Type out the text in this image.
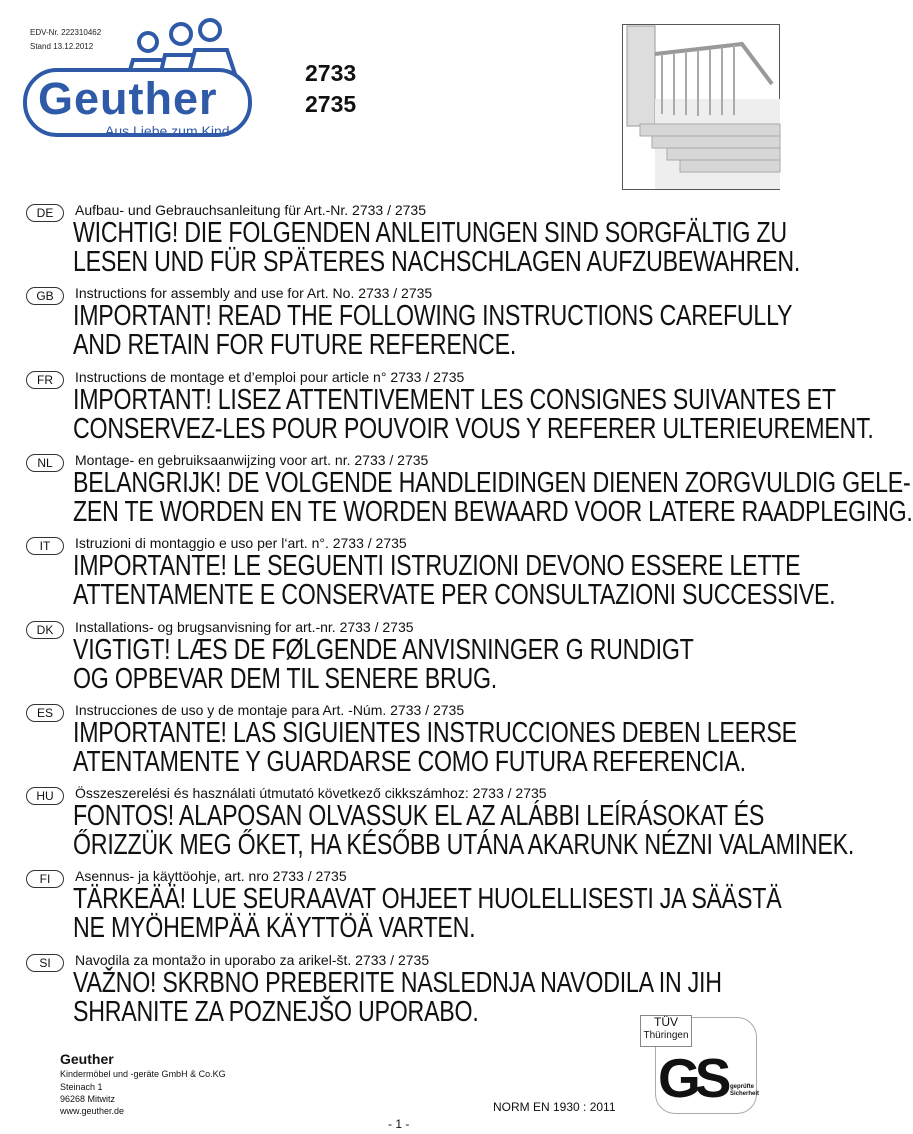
EDV-Nr. 222310462
Stand 13.12.2012
Geuther
Aus Liebe zum Kind
2733
2735
DE	Aufbau- und Gebrauchsanleitung für Art.-Nr. 2733 / 2735
WICHTIG! DIE FOLGENDEN ANLEITUNGEN SIND SORGFÄLTIG ZU
LESEN UND FÜR SPÄTERES NACHSCHLAGEN AUFZUBEWAHREN.
GB	Instructions for assembly and use for Art. No. 2733 / 2735
IMPORTANT! READ THE FOLLOWING INSTRUCTIONS CAREFULLY
AND RETAIN FOR FUTURE REFERENCE.
FR	Instructions de montage et d’emploi pour article n° 2733 / 2735
IMPORTANT! LISEZ ATTENTIVEMENT LES CONSIGNES SUIVANTES ET
CONSERVEZ-LES POUR POUVOIR VOUS Y REFERER ULTERIEUREMENT.
NL	Montage- en gebruiksaanwijzing voor art. nr. 2733 / 2735
BELANGRIJK! DE VOLGENDE HANDLEIDINGEN DIENEN ZORGVULDIG GELE-
ZEN TE WORDEN EN TE WORDEN BEWAARD VOOR LATERE RAADPLEGING.
IT	Istruzioni di montaggio e uso per l‘art. n°. 2733 / 2735
IMPORTANTE! LE SEGUENTI ISTRUZIONI DEVONO ESSERE LETTE
ATTENTAMENTE E CONSERVATE PER CONSULTAZIONI SUCCESSIVE.
DK	Installations- og brugsanvisning for art.-nr. 2733 / 2735
VIGTIGT! LÆS DE FØLGENDE ANVISNINGER G RUNDIGT
OG OPBEVAR DEM TIL SENERE BRUG.
ES	Instrucciones de uso y de montaje para Art. -Núm. 2733 / 2735
IMPORTANTE! LAS SIGUIENTES INSTRUCCIONES DEBEN LEERSE
ATENTAMENTE Y GUARDARSE COMO FUTURA REFERENCIA.
HU	Összeszerelési és használati útmutató következő cikkszámhoz: 2733 / 2735
FONTOS! ALAPOSAN OLVASSUK EL AZ ALÁBBI LEÍRÁSOKAT ÉS
ŐRIZZÜK MEG ŐKET, HA KÉSŐBB UTÁNA AKARUNK NÉZNI VALAMINEK.
FI	Asennus- ja käyttöohje, art. nro 2733 / 2735
TÄRKEÄÄ! LUE SEURAAVAT OHJEET HUOLELLISESTI JA SÄÄSTÄ
NE MYÖHEMPÄÄ KÄYTTÖÄ VARTEN.
SI	Navodila za montažo in uporabo za arikel-št. 2733 / 2735
VAŽNO! SKRBNO PREBERITE NASLEDNJA NAVODILA IN JIH
SHRANITE ZA POZNEJŠO UPORABO.
Geuther
Kindermöbel und -geräte GmbH & Co.KG
Steinach 1
96268 Mitwitz
www.geuther.de	NORM EN 1930 : 2011
- 1 -
TÜV
Thüringen
GS geprüfte
Sicherheit
